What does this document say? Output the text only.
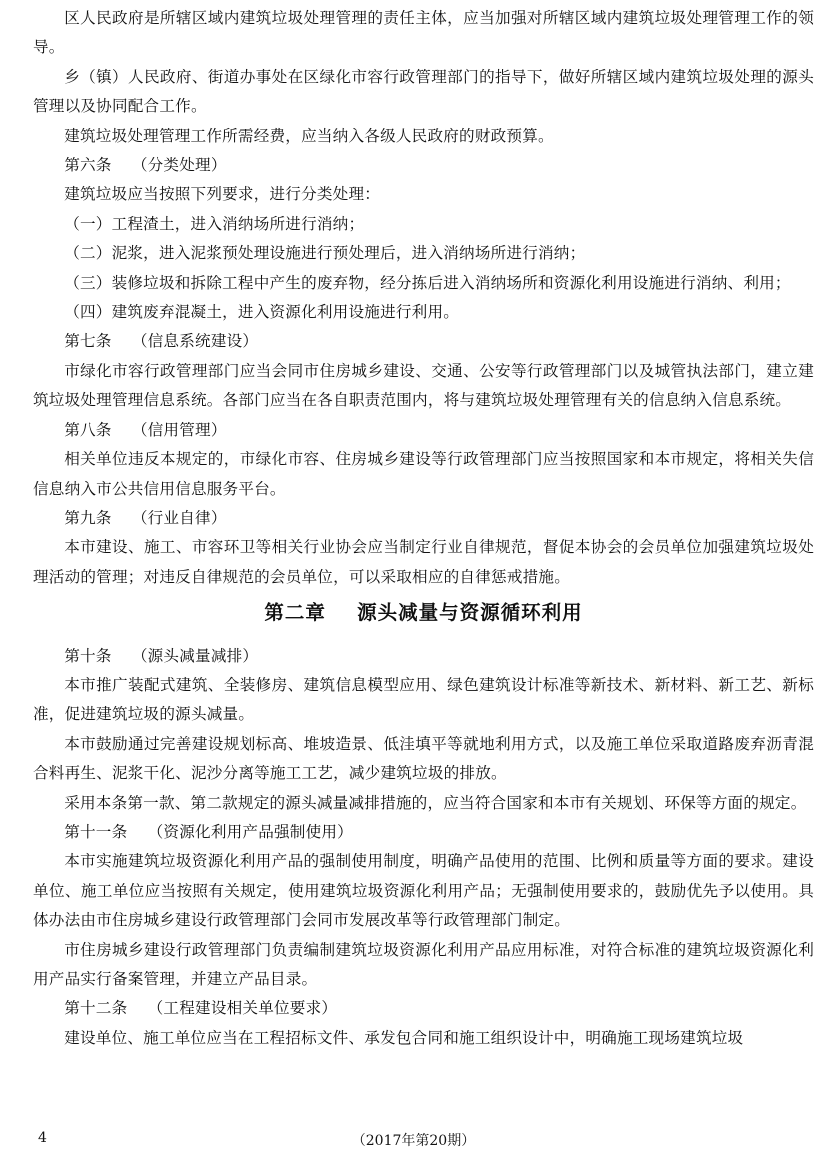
区人民政府是所辖区域内建筑垃圾处理管理的责任主体，应当加强对所辖区域内建筑垃圾处理管理工作的领导。

乡（镇）人民政府、街道办事处在区绿化市容行政管理部门的指导下，做好所辖区域内建筑垃圾处理的源头管理以及协同配合工作。

建筑垃圾处理管理工作所需经费，应当纳入各级人民政府的财政预算。

第六条 （分类处理）

建筑垃圾应当按照下列要求，进行分类处理：

（一）工程渣土，进入消纳场所进行消纳；

（二）泥浆，进入泥浆预处理设施进行预处理后，进入消纳场所进行消纳；

（三）装修垃圾和拆除工程中产生的废弃物，经分拣后进入消纳场所和资源化利用设施进行消纳、利用；

（四）建筑废弃混凝土，进入资源化利用设施进行利用。

第七条 （信息系统建设）

市绿化市容行政管理部门应当会同市住房城乡建设、交通、公安等行政管理部门以及城管执法部门，建立建筑垃圾处理管理信息系统。各部门应当在各自职责范围内，将与建筑垃圾处理管理有关的信息纳入信息系统。

第八条 （信用管理）

相关单位违反本规定的，市绿化市容、住房城乡建设等行政管理部门应当按照国家和本市规定，将相关失信信息纳入市公共信用信息服务平台。

第九条 （行业自律）

本市建设、施工、市容环卫等相关行业协会应当制定行业自律规范，督促本协会的会员单位加强建筑垃圾处理活动的管理；对违反自律规范的会员单位，可以采取相应的自律惩戒措施。

第二章 源头减量与资源循环利用

第十条 （源头减量减排）

本市推广装配式建筑、全装修房、建筑信息模型应用、绿色建筑设计标准等新技术、新材料、新工艺、新标准，促进建筑垃圾的源头减量。

本市鼓励通过完善建设规划标高、堆坡造景、低洼填平等就地利用方式，以及施工单位采取道路废弃沥青混合料再生、泥浆干化、泥沙分离等施工工艺，减少建筑垃圾的排放。

采用本条第一款、第二款规定的源头减量减排措施的，应当符合国家和本市有关规划、环保等方面的规定。

第十一条 （资源化利用产品强制使用）

本市实施建筑垃圾资源化利用产品的强制使用制度，明确产品使用的范围、比例和质量等方面的要求。建设单位、施工单位应当按照有关规定，使用建筑垃圾资源化利用产品；无强制使用要求的，鼓励优先予以使用。具体办法由市住房城乡建设行政管理部门会同市发展改革等行政管理部门制定。

市住房城乡建设行政管理部门负责编制建筑垃圾资源化利用产品应用标准，对符合标准的建筑垃圾资源化利用产品实行备案管理，并建立产品目录。

第十二条 （工程建设相关单位要求）

建设单位、施工单位应当在工程招标文件、承发包合同和施工组织设计中，明确施工现场建筑垃圾

4	（2017年第20期）
